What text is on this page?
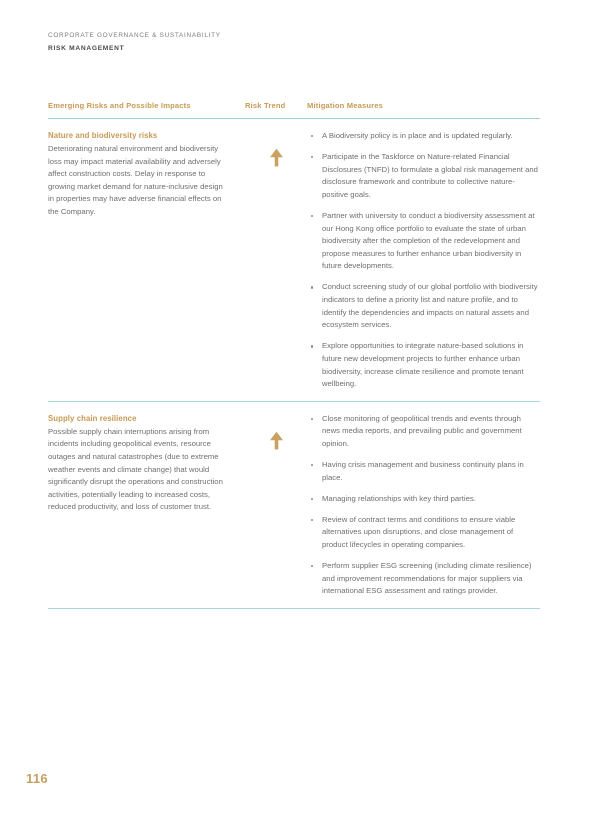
CORPORATE GOVERNANCE & SUSTAINABILITY
RISK MANAGEMENT
Emerging Risks and Possible Impacts	Risk Trend	Mitigation Measures

Nature and biodiversity risks

Deteriorating natural environment and biodiversity loss may impact material availability and adversely affect construction costs. Delay in response to growing market demand for nature-inclusive design in properties may have adverse financial effects on the Company.

A Biodiversity policy is in place and is updated regularly.
Participate in the Taskforce on Nature-related Financial Disclosures (TNFD) to formulate a global risk management and disclosure framework and contribute to collective nature-positive goals.
Partner with university to conduct a biodiversity assessment at our Hong Kong office portfolio to evaluate the state of urban biodiversity after the completion of the redevelopment and propose measures to further enhance urban biodiversity in future developments.
Conduct screening study of our global portfolio with biodiversity indicators to define a priority list and nature profile, and to identify the dependencies and impacts on natural assets and ecosystem services.
Explore opportunities to integrate nature-based solutions in future new development projects to further enhance urban biodiversity, increase climate resilience and promote tenant wellbeing.

Supply chain resilience

Possible supply chain interruptions arising from incidents including geopolitical events, resource outages and natural catastrophes (due to extreme weather events and climate change) that would significantly disrupt the operations and construction activities, potentially leading to increased costs, reduced productivity, and loss of customer trust.

Close monitoring of geopolitical trends and events through news media reports, and prevailing public and government opinion.
Having crisis management and business continuity plans in place.
Managing relationships with key third parties.
Review of contract terms and conditions to ensure viable alternatives upon disruptions, and close management of product lifecycles in operating companies.
Perform supplier ESG screening (including climate resilience) and improvement recommendations for major suppliers via international ESG assessment and ratings provider.
116
